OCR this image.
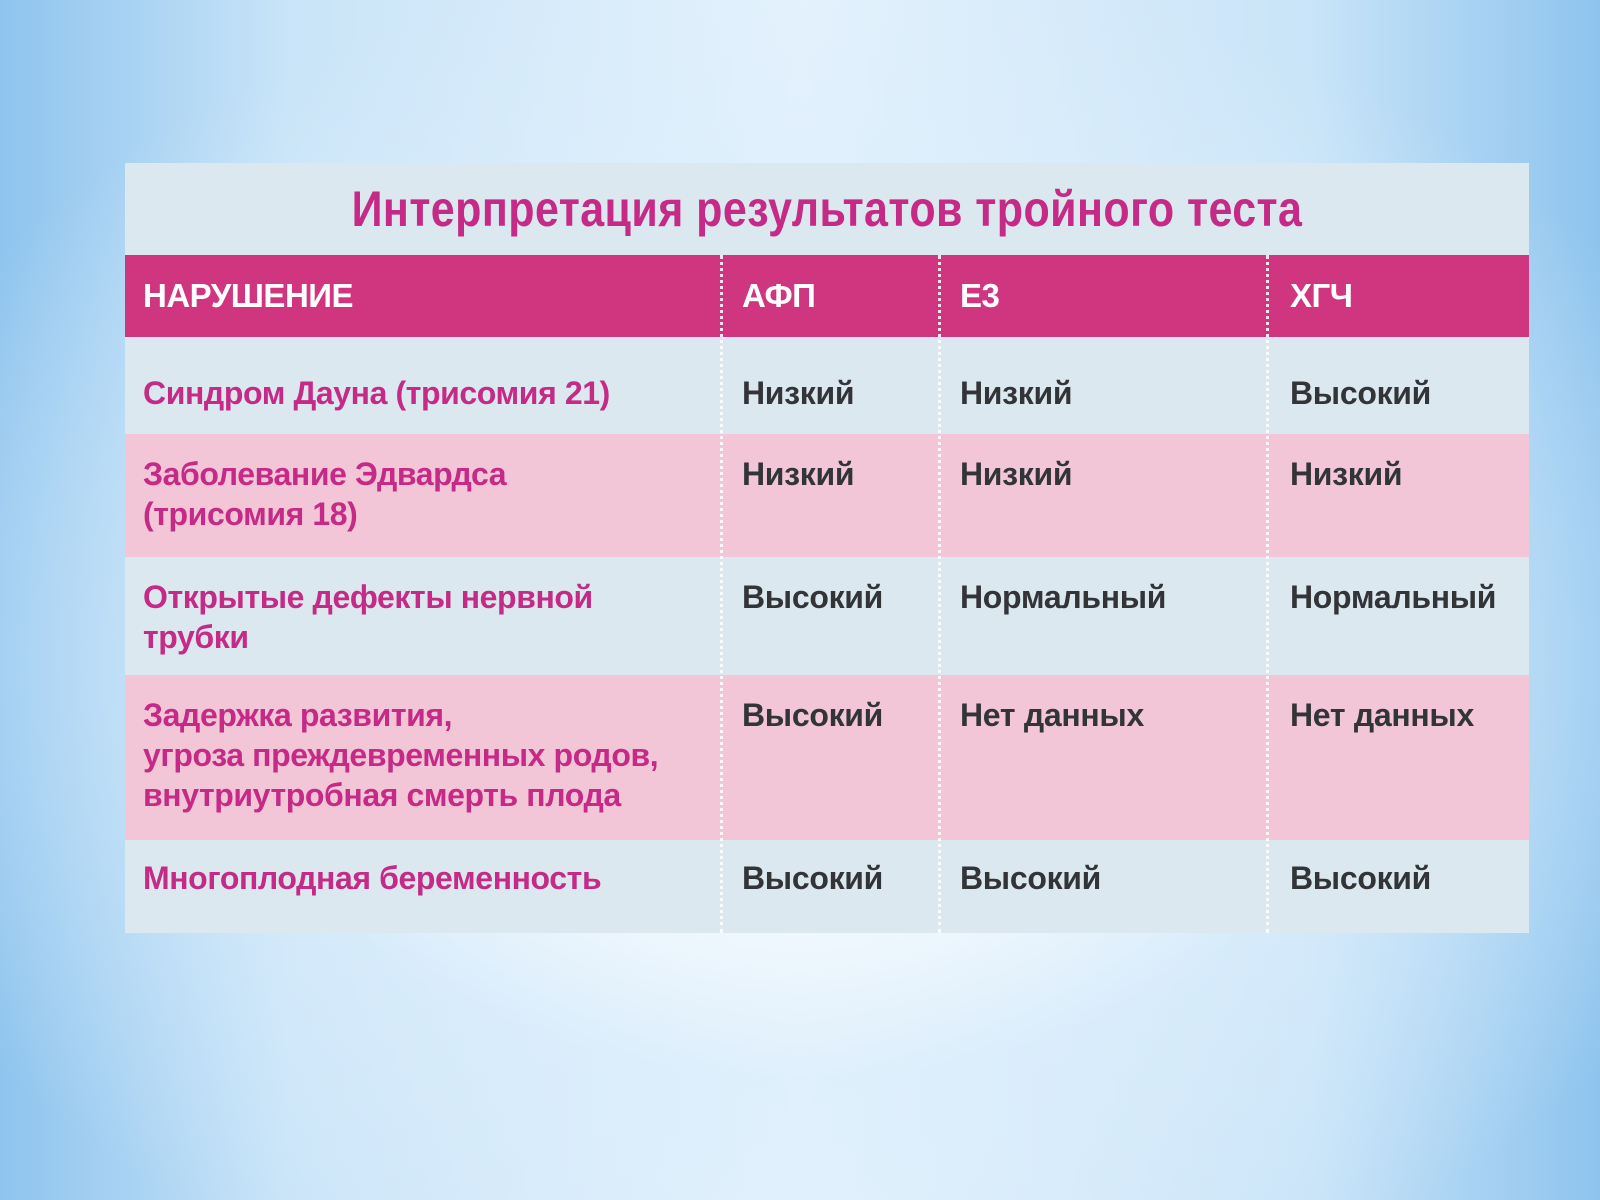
Интерпретация результатов тройного теста
НАРУШЕНИЕ	АФП	Е3	ХГЧ
Синдром Дауна (трисомия 21)	Низкий	Низкий	Высокий
Заболевание Эдвардса
(трисомия 18)
Низкий	Низкий	Низкий
Открытые дефекты нервной
трубки
Высокий	Нормальный	Нормальный
Задержка развития,
угроза преждевременных родов,
внутриутробная смерть плода
Высокий	Нет данных	Нет данных
Многоплодная беременность	Высокий	Высокий	Высокий
